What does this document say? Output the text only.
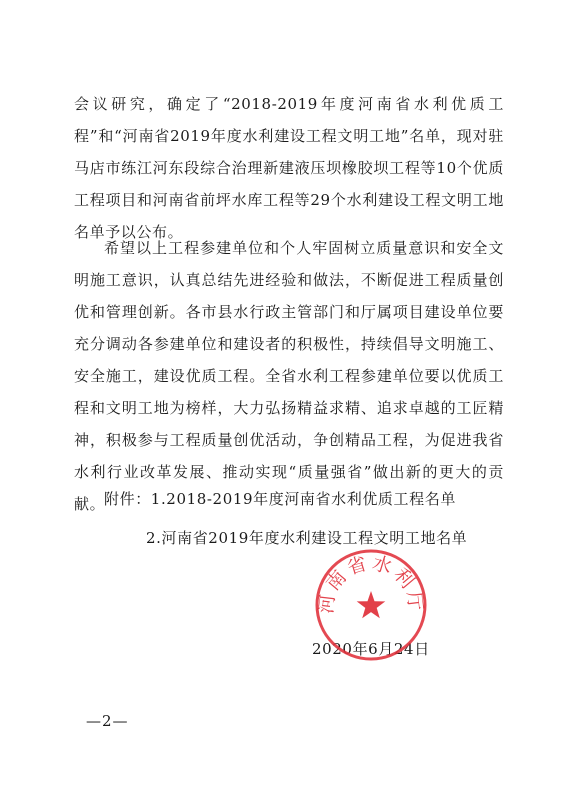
会议研究，确定了“2018-2019年度河南省水利优质工程”和“河南省2019年度水利建设工程文明工地”名单，现对驻马店市练江河东段综合治理新建液压坝橡胶坝工程等10个优质工程项目和河南省前坪水库工程等29个水利建设工程文明工地名单予以公布。

希望以上工程参建单位和个人牢固树立质量意识和安全文明施工意识，认真总结先进经验和做法，不断促进工程质量创优和管理创新。各市县水行政主管部门和厅属项目建设单位要充分调动各参建单位和建设者的积极性，持续倡导文明施工、安全施工，建设优质工程。全省水利工程参建单位要以优质工程和文明工地为榜样，大力弘扬精益求精、追求卓越的工匠精神，积极参与工程质量创优活动，争创精品工程，为促进我省水利行业改革发展、推动实现“质量强省”做出新的更大的贡献。

附件：1.2018-2019年度河南省水利优质工程名单
2.河南省2019年度水利建设工程文明工地名单
2020年6月24日
河南省水利厅
—2—
